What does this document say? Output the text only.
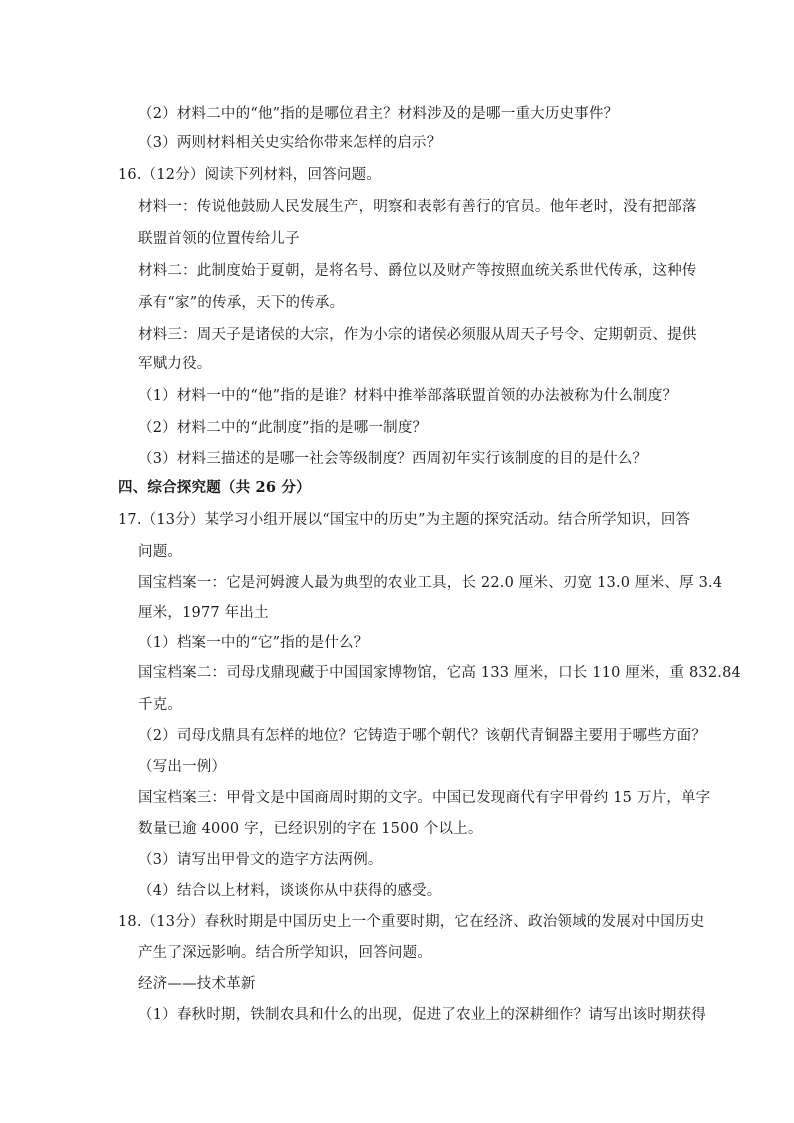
（2）材料二中的“他”指的是哪位君主？材料涉及的是哪一重大历史事件？
（3）两则材料相关史实给你带来怎样的启示？
16.（12分）阅读下列材料，回答问题。
材料一：传说他鼓励人民发展生产，明察和表彰有善行的官员。他年老时，没有把部落
联盟首领的位置传给儿子
材料二：此制度始于夏朝，是将名号、爵位以及财产等按照血统关系世代传承，这种传
承有“家”的传承，天下的传承。
材料三：周天子是诸侯的大宗，作为小宗的诸侯必须服从周天子号令、定期朝贡、提供
军赋力役。
（1）材料一中的“他”指的是谁？材料中推举部落联盟首领的办法被称为什么制度？
（2）材料二中的“此制度”指的是哪一制度？
（3）材料三描述的是哪一社会等级制度？西周初年实行该制度的目的是什么？
四、综合探究题（共 26 分）
17.（13分）某学习小组开展以“国宝中的历史”为主题的探究活动。结合所学知识，回答
问题。
国宝档案一：它是河姆渡人最为典型的农业工具，长 22.0 厘米、刃宽 13.0 厘米、厚 3.4
厘米，1977 年出土
（1）档案一中的“它”指的是什么？
国宝档案二：司母戊鼎现藏于中国国家博物馆，它高 133 厘米，口长 110 厘米，重 832.84
千克。
（2）司母戊鼎具有怎样的地位？它铸造于哪个朝代？该朝代青铜器主要用于哪些方面？
（写出一例）
国宝档案三：甲骨文是中国商周时期的文字。中国已发现商代有字甲骨约 15 万片，单字
数量已逾 4000 字，已经识别的字在 1500 个以上。
（3）请写出甲骨文的造字方法两例。
（4）结合以上材料，谈谈你从中获得的感受。
18.（13分）春秋时期是中国历史上一个重要时期，它在经济、政治领域的发展对中国历史
产生了深远影响。结合所学知识，回答问题。
经济——技术革新
（1）春秋时期，铁制农具和什么的出现，促进了农业上的深耕细作？请写出该时期获得
